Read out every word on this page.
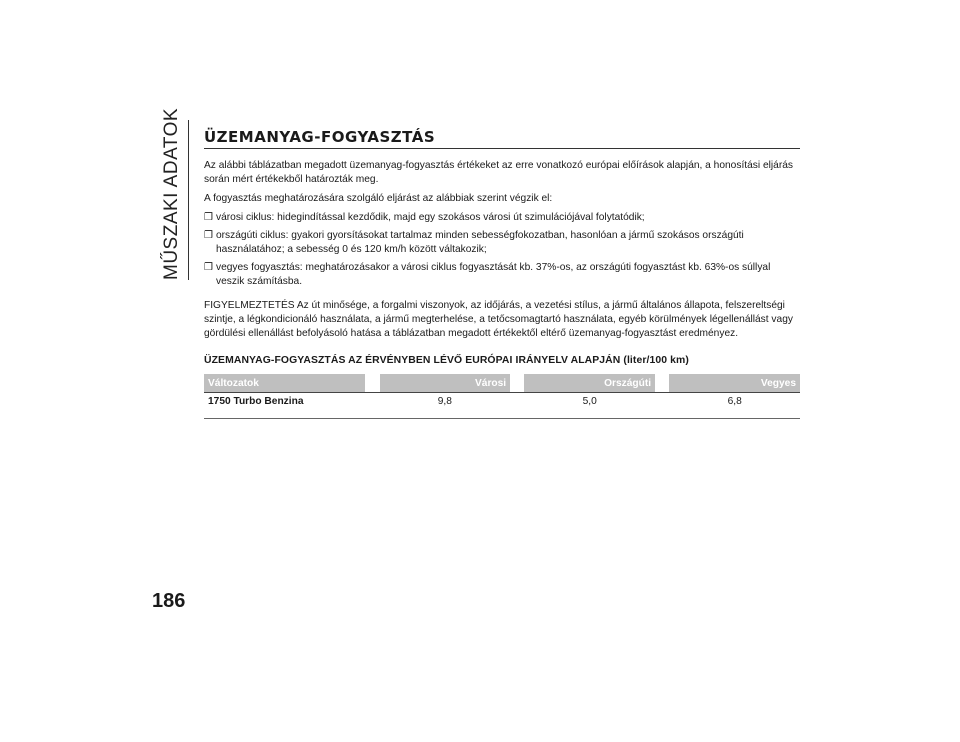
MŰSZAKI ADATOK
186
ÜZEMANYAG-FOGYASZTÁS

Az alábbi táblázatban megadott üzemanyag-fogyasztás értékeket az erre vonatkozó európai előírások alapján, a honosítási eljárás során mért értékekből határozták meg.

A fogyasztás meghatározására szolgáló eljárást az alábbiak szerint végzik el:

❒ városi ciklus: hidegindítással kezdődik, majd egy szokásos városi út szimulációjával folytatódik;
❒ országúti ciklus: gyakori gyorsításokat tartalmaz minden sebességfokozatban, hasonlóan a jármű szokásos országúti használatához; a sebesség 0 és 120 km/h között váltakozik;
❒ vegyes fogyasztás: meghatározásakor a városi ciklus fogyasztását kb. 37%-os, az országúti fogyasztást kb. 63%-os súllyal veszik számításba.

FIGYELMEZTETÉS Az út minősége, a forgalmi viszonyok, az időjárás, a vezetési stílus, a jármű általános állapota, felszereltségi szintje, a légkondicionáló használata, a jármű megterhelése, a tetőcsomagtartó használata, egyéb körülmények légellenállást vagy gördülési ellenállást befolyásoló hatása a táblázatban megadott értékektől eltérő üzemanyag-fogyasztást eredményez.

ÜZEMANYAG-FOGYASZTÁS AZ ÉRVÉNYBEN LÉVŐ EURÓPAI IRÁNYELV ALAPJÁN (liter/100 km)
Változatok		Városi		Országúti		Vegyes
1750 Turbo Benzina		9,8		5,0		6,8
